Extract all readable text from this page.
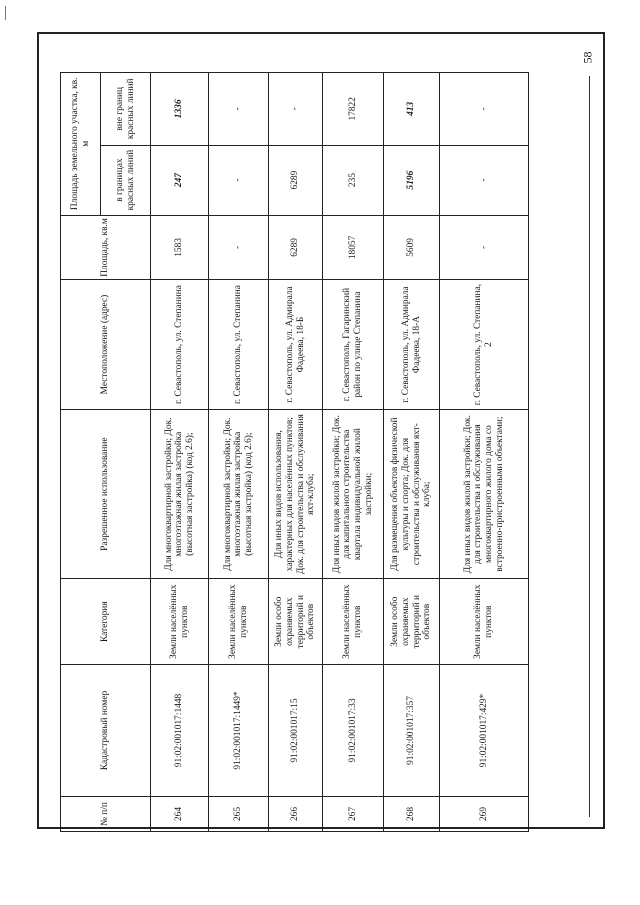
58
№ п/п	Кадастровый номер	Категория	Разрешенное использование	Местоположение (адрес)	Площадь, кв.м	Площадь земельного участка, кв. м	
						в границах красных линий	вне границ красных линий
264	91:02:001017:1448	Земли населённых пунктов	Для многоквартирной застройки; Док. многоэтажная жилая застройка (высотная застройка) (код 2.6);	г. Севастополь, ул. Степанина	1583	247	1336
265	91:02:001017:1449*	Земли населённых пунктов	Для многоквартирной застройки; Док. многоэтажная жилая застройка (высотная застройка) (код 2.6);	г. Севастополь, ул. Степанина	-	-	-
266	91:02:001017:15	Земли особо охраняемых территорий и объектов	Для иных видов использования, характерных для населённых пунктов; Док. для строительства и обслуживания яхт-клуба;	г. Севастополь, ул. Адмирала Фадеева, 18-Б	6289	6289	-
267	91:02:001017:33	Земли населённых пунктов	Для иных видов жилой застройки; Док. для капитального строительства квартала индивидуальной жилой застройки;	г. Севастополь, Гагаринский район по улице Степанина	18057	235	17822
268	91:02:001017:357	Земли особо охраняемых территорий и объектов	Для размещения объектов физической культуры и спорта; Док. для строительства и обслуживания яхт-клуба;	г. Севастополь, ул. Адмирала Фадеева, 18-А	5609	5196	413
269	91:02:001017:429*	Земли населённых пунктов	Для иных видов жилой застройки; Док. для строительства и обслуживания многоквартирного жилого дома со встроенно-пристроенными объектами;	г. Севастополь, ул. Степанина, 2	-	-	-
